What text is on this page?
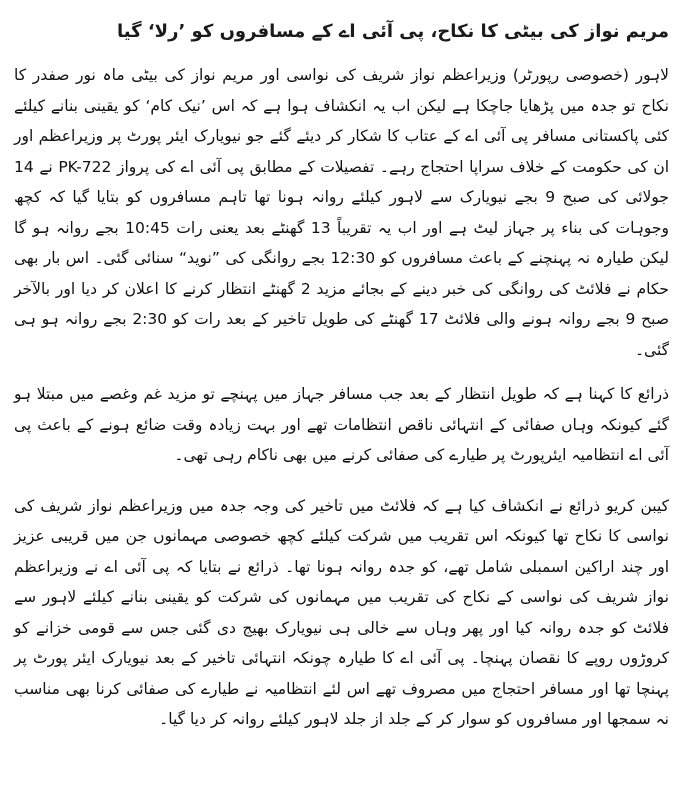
مریم نواز کی بیٹی کا نکاح، پی آئی اے کے مسافروں کو ’رلا‘ گیا

لاہور (خصوصی رپورٹر) وزیراعظم نواز شریف کی نواسی اور مریم نواز کی بیٹی ماہ نور صفدر کا نکاح تو جدہ میں پڑھایا جاچکا ہے لیکن اب یہ انکشاف ہوا ہے کہ اس ’نیک کام‘ کو یقینی بنانے کیلئے کئی پاکستانی مسافر پی آئی اے کے عتاب کا شکار کر دیئے گئے جو نیویارک ایئر پورٹ پر وزیراعظم اور ان کی حکومت کے خلاف سراپا احتجاج رہے۔ تفصیلات کے مطابق پی آئی اے کی پرواز PK-722 نے 14 جولائی کی صبح 9 بجے نیویارک سے لاہور کیلئے روانہ ہونا تھا تاہم مسافروں کو بتایا گیا کہ کچھ وجوہات کی بناء پر جہاز لیٹ ہے اور اب یہ تقریباً 13 گھنٹے بعد یعنی رات 10:45 بجے روانہ ہو گا لیکن طیارہ نہ پہنچنے کے باعث مسافروں کو 12:30 بجے روانگی کی ”نوید“ سنائی گئی۔ اس بار بھی حکام نے فلائٹ کی روانگی کی خبر دینے کے بجائے مزید 2 گھنٹے انتظار کرنے کا اعلان کر دیا اور بالآخر صبح 9 بجے روانہ ہونے والی فلائٹ 17 گھنٹے کی طویل تاخیر کے بعد رات کو 2:30 بجے روانہ ہو ہی گئی۔

ذرائع کا کہنا ہے کہ طویل انتظار کے بعد جب مسافر جہاز میں پہنچے تو مزید غم وغصے میں مبتلا ہو گئے کیونکہ وہاں صفائی کے انتہائی ناقص انتظامات تھے اور بہت زیادہ وقت ضائع ہونے کے باعث پی آئی اے انتظامیہ ایئرپورٹ پر طیارے کی صفائی کرنے میں بھی ناکام رہی تھی۔

کیبن کریو ذرائع نے انکشاف کیا ہے کہ فلائٹ میں تاخیر کی وجہ جدہ میں وزیراعظم نواز شریف کی نواسی کا نکاح تھا کیونکہ اس تقریب میں شرکت کیلئے کچھ خصوصی مہمانوں جن میں قریبی عزیز اور چند اراکین اسمبلی شامل تھے، کو جدہ روانہ ہونا تھا۔ ذرائع نے بتایا کہ پی آئی اے نے وزیراعظم نواز شریف کی نواسی کے نکاح کی تقریب میں مہمانوں کی شرکت کو یقینی بنانے کیلئے لاہور سے فلائٹ کو جدہ روانہ کیا اور پھر وہاں سے خالی ہی نیویارک بھیج دی گئی جس سے قومی خزانے کو کروڑوں روپے کا نقصان پہنچا۔ پی آئی اے کا طیارہ چونکہ انتہائی تاخیر کے بعد نیویارک ایئر پورٹ پر پہنچا تھا اور مسافر احتجاج میں مصروف تھے اس لئے انتظامیہ نے طیارے کی صفائی کرنا بھی مناسب نہ سمجھا اور مسافروں کو سوار کر کے جلد از جلد لاہور کیلئے روانہ کر دیا گیا۔
